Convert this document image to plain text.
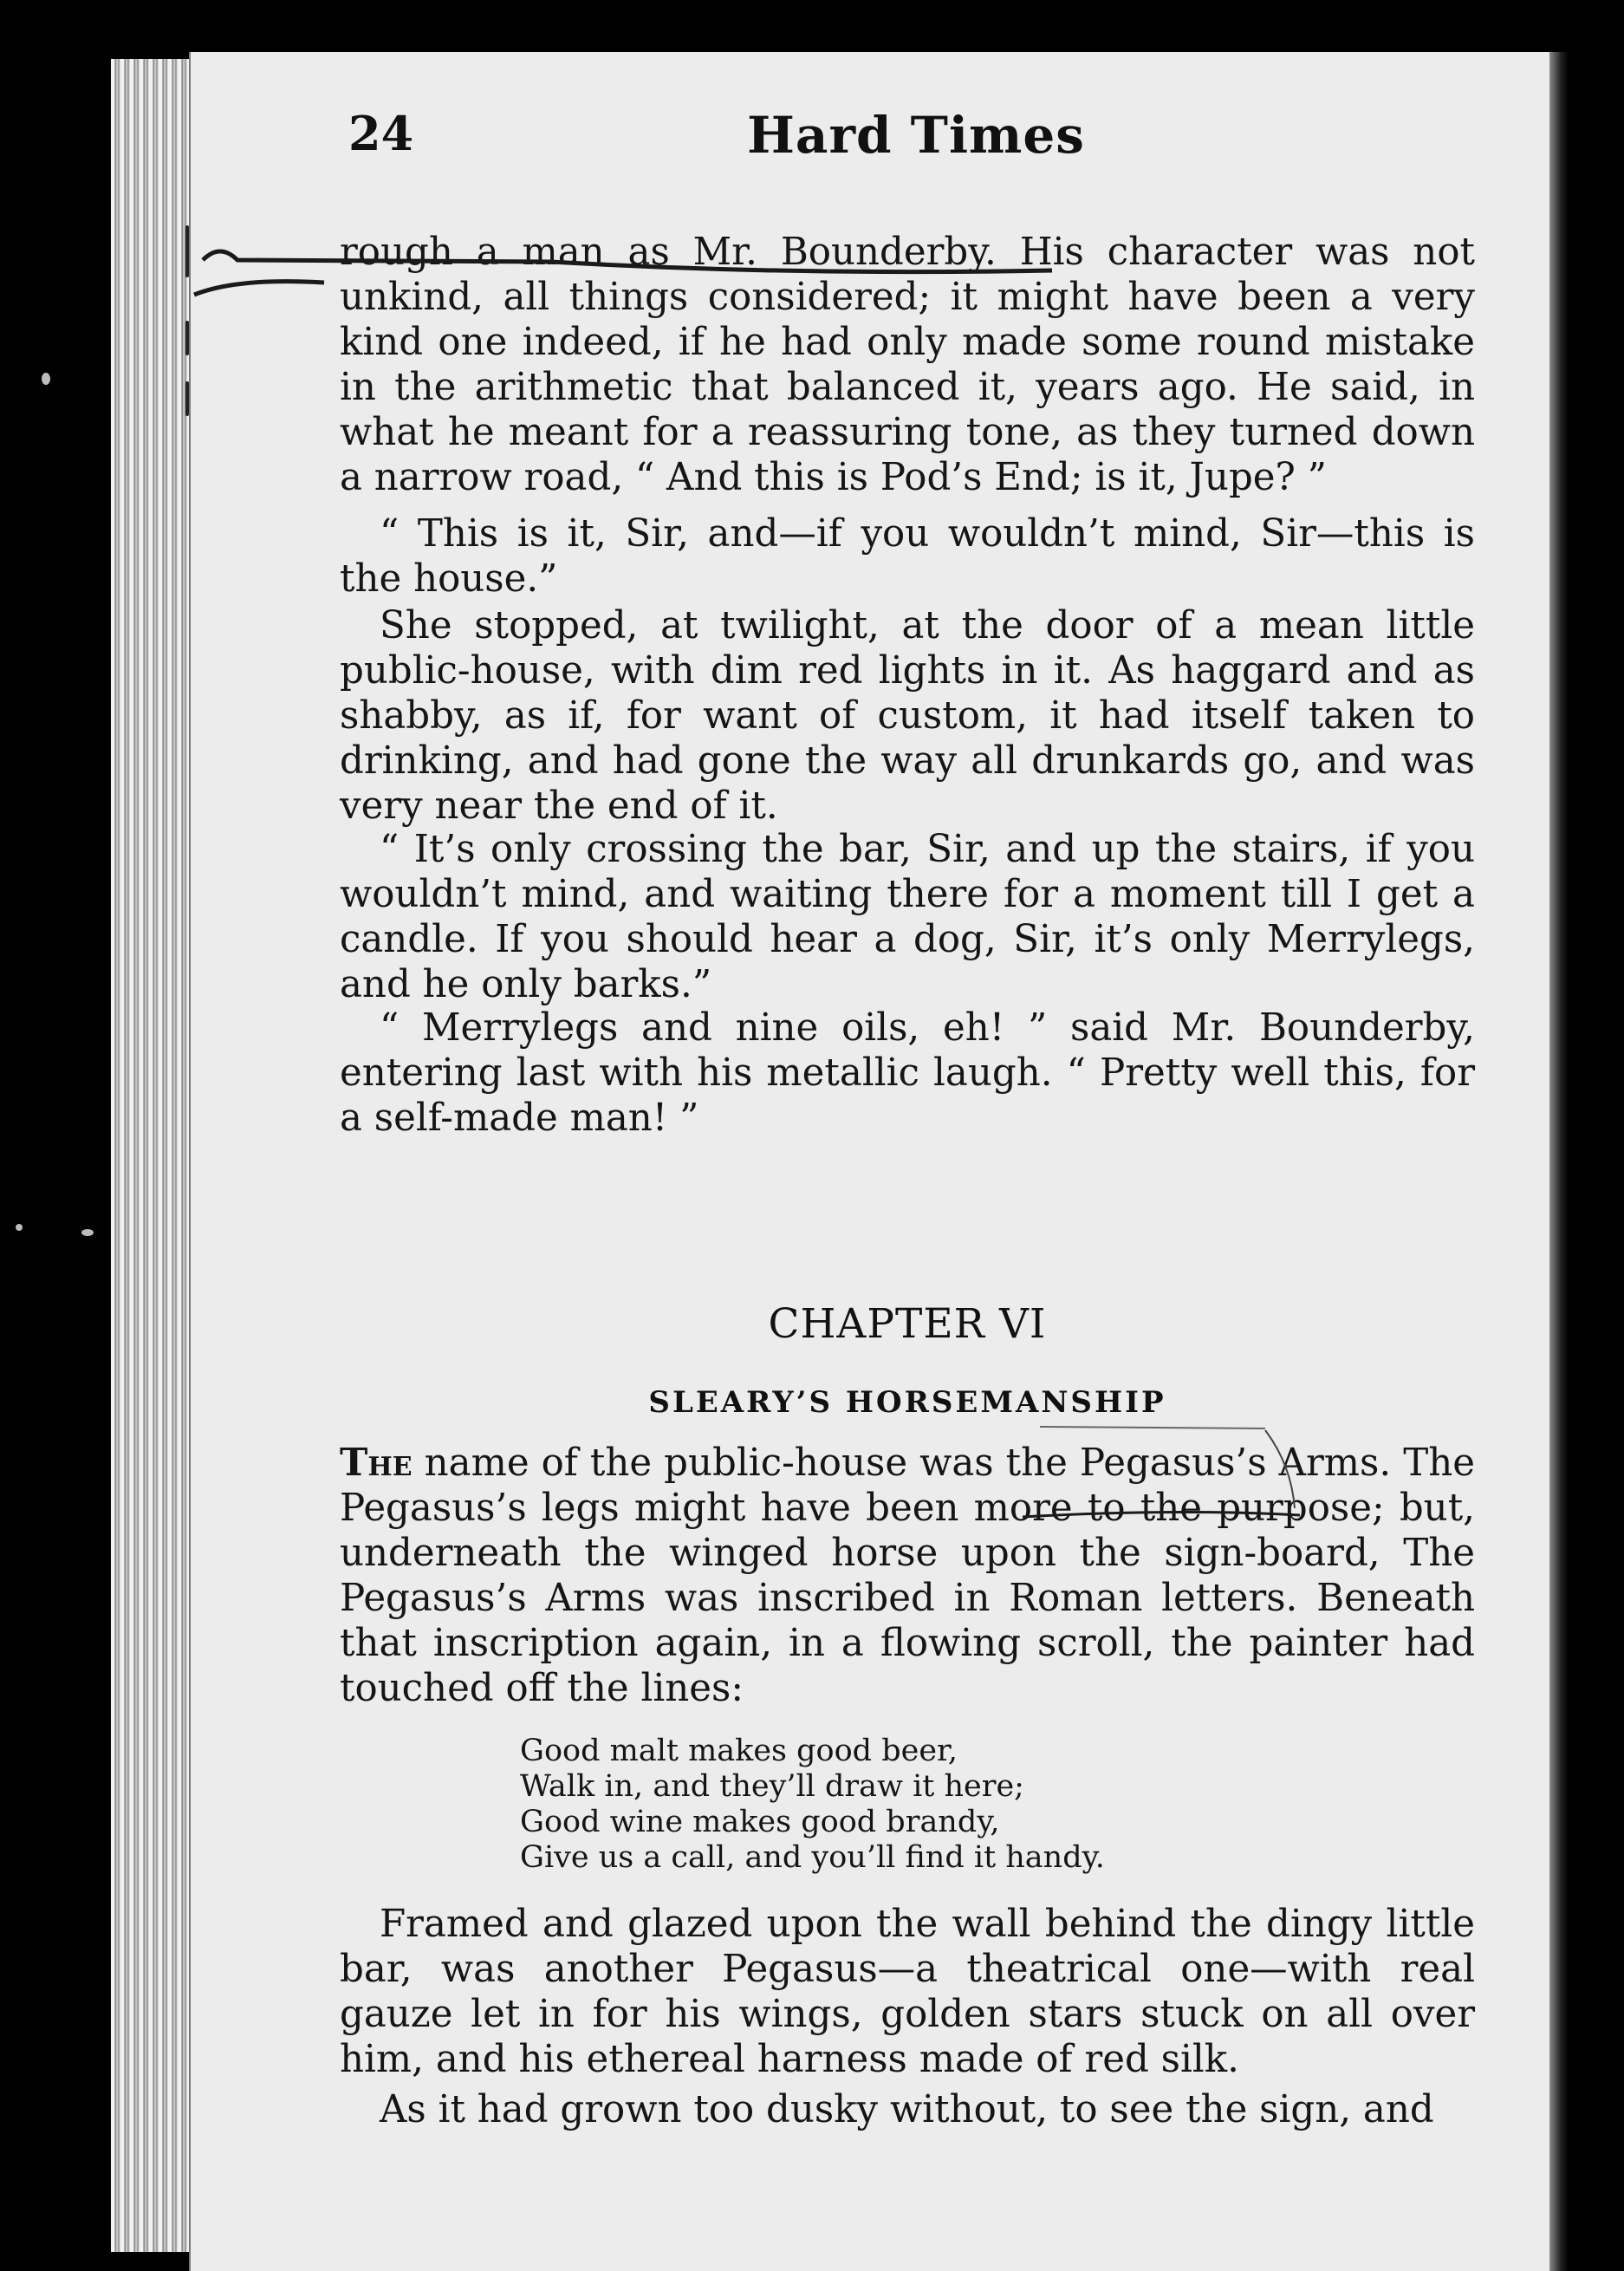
24	Hard Times

rough a man as Mr. Bounderby. His character was not unkind, all things considered; it might have been a very kind one indeed, if he had only made some round mistake in the arithmetic that balanced it, years ago. He said, in what he meant for a reassuring tone, as they turned down a narrow road, “ And this is Pod’s End; is it, Jupe? ”

“ This is it, Sir, and—if you wouldn’t mind, Sir—this is the house.”

She stopped, at twilight, at the door of a mean little public-house, with dim red lights in it. As haggard and as shabby, as if, for want of custom, it had itself taken to drinking, and had gone the way all drunkards go, and was very near the end of it.

“ It’s only crossing the bar, Sir, and up the stairs, if you wouldn’t mind, and waiting there for a moment till I get a candle. If you should hear a dog, Sir, it’s only Merrylegs, and he only barks.”

“ Merrylegs and nine oils, eh! ” said Mr. Bounderby, entering last with his metallic laugh. “ Pretty well this, for a self-made man! ”

CHAPTER VI
SLEARY’S HORSEMANSHIP

The name of the public-house was the Pegasus’s Arms. The Pegasus’s legs might have been more to the purpose; but, underneath the winged horse upon the sign-board, The Pegasus’s Arms was inscribed in Roman letters. Beneath that inscription again, in a flowing scroll, the painter had touched off the lines:

Good malt makes good beer,
Walk in, and they’ll draw it here;
Good wine makes good brandy,
Give us a call, and you’ll find it handy.

Framed and glazed upon the wall behind the dingy little bar, was another Pegasus—a theatrical one—with real gauze let in for his wings, golden stars stuck on all over him, and his ethereal harness made of red silk.

As it had grown too dusky without, to see the sign, and
